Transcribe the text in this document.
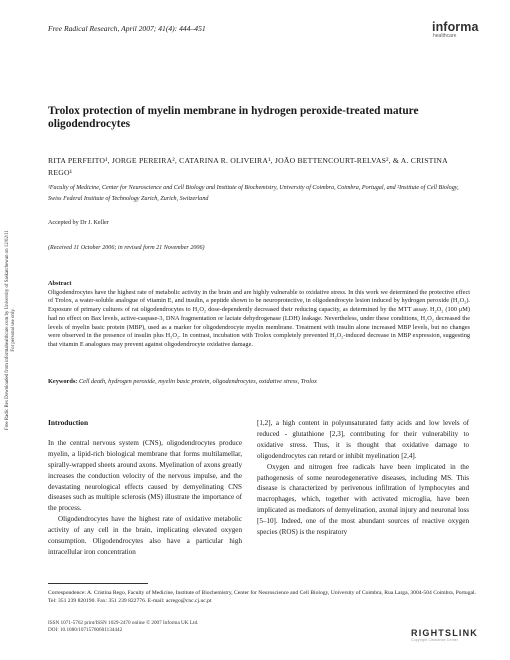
Free Radical Research, April 2007; 41(4): 444–451	informa
healthcare
Free Radic Res Downloaded from informahealthcare.com by University of Saskatchewan on 12/02/11 For personal use only.
Trolox protection of myelin membrane in hydrogen peroxide-treated mature oligodendrocytes
RITA PERFEITO¹, JORGE PEREIRA², CATARINA R. OLIVEIRA¹, JOÃO BETTENCOURT-RELVAS², & A. CRISTINA REGO¹
¹Faculty of Medicine, Center for Neuroscience and Cell Biology and Institute of Biochemistry, University of Coimbra, Coimbra, Portugal, and ²Institute of Cell Biology, Swiss Federal Institute of Technology Zurich, Zurich, Switzerland
Accepted by Dr J. Keller
(Received 11 October 2006; in revised form 21 November 2006)
Abstract
Oligodendrocytes have the highest rate of metabolic activity in the brain and are highly vulnerable to oxidative stress. In this work we determined the protective effect of Trolox, a water-soluble analogue of vitamin E, and insulin, a peptide shown to be neuroprotective, in oligodendrocyte lesion induced by hydrogen peroxide (H₂O₂). Exposure of primary cultures of rat oligodendrocytes to H₂O₂ dose-dependently decreased their reducing capacity, as determined by the MTT assay. H₂O₂ (100 μM) had no effect on Bax levels, active-caspase-3, DNA fragmentation or lactate dehydrogenase (LDH) leakage. Nevertheless, under these conditions, H₂O₂ decreased the levels of myelin basic protein (MBP), used as a marker for oligodendrocyte myelin membrane. Treatment with insulin alone increased MBP levels, but no changes were observed in the presence of insulin plus H₂O₂. In contrast, incubation with Trolox completely prevented H₂O₂-induced decrease in MBP expression, suggesting that vitamin E analogues may prevent against oligodendrocyte oxidative damage.
Keywords: Cell death, hydrogen peroxide, myelin basic protein, oligodendrocytes, oxidative stress, Trolox
Introduction

In the central nervous system (CNS), oligodendrocytes produce myelin, a lipid-rich biological membrane that forms multilamellar, spirally-wrapped sheets around axons. Myelination of axons greatly increases the conduction velocity of the nervous impulse, and the devastating neurological effects caused by demyelinating CNS diseases such as multiple sclerosis (MS) illustrate the importance of the process.

Oligodendrocytes have the highest rate of oxidative metabolic activity of any cell in the brain, implicating elevated oxygen consumption. Oligodendrocytes also have a particular high intracellular iron concentration

[1,2], a high content in polyunsaturated fatty acids and low levels of reduced - glutathione [2,3], contributing for their vulnerability to oxidative stress. Thus, it is thought that oxidative damage to oligodendrocytes can retard or inhibit myelination [2,4].

Oxygen and nitrogen free radicals have been implicated in the pathogenesis of some neurodegenerative diseases, including MS. This disease is characterized by perivenous infiltration of lymphocytes and macrophages, which, together with activated microglia, have been implicated as mediators of demyelination, axonal injury and neuronal loss [5–10]. Indeed, one of the most abundant sources of reactive oxygen species (ROS) is the respiratory

Correspondence: A. Cristina Rego, Faculty of Medicine, Institute of Biochemistry, Center for Neuroscience and Cell Biology, University of Coimbra, Rua Larga, 3004-504 Coimbra, Portugal. Tel: 351 239 820190. Fax: 351 239 822776. E-mail: acrego@cnc.cj.uc.pt
ISSN 1071-5762 print/ISSN 1029-2470 online © 2007 Informa UK Ltd.
DOI: 10.1080/10715760601134442	RIGHTSLINK
Copyright Clearance Center
